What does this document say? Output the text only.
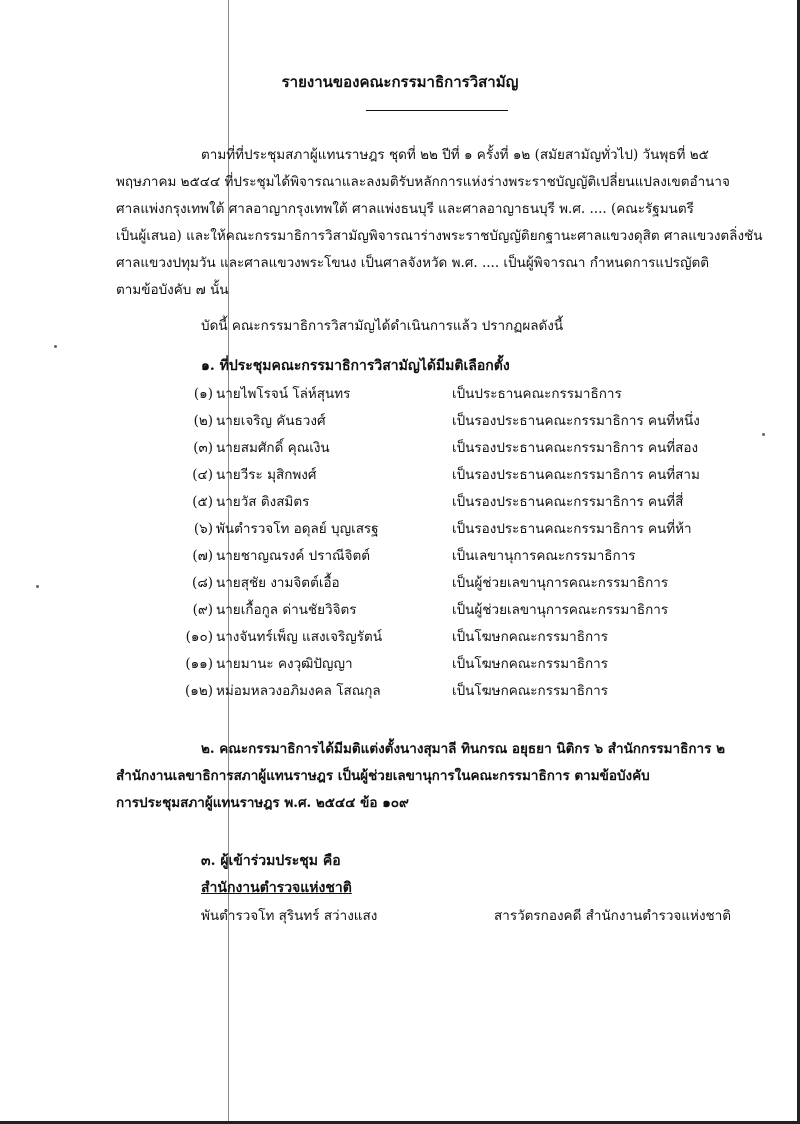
รายงานของคณะกรรมาธิการวิสามัญ
ตามที่ที่ประชุมสภาผู้แทนราษฎร ชุดที่ ๒๒ ปีที่ ๑ ครั้งที่ ๑๒ (สมัยสามัญทั่วไป) วันพุธที่ ๒๕
พฤษภาคม ๒๕๔๔ ที่ประชุมได้พิจารณาและลงมติรับหลักการแห่งร่างพระราชบัญญัติเปลี่ยนแปลงเขตอำนาจ
ศาลแพ่งกรุงเทพใต้ ศาลอาญากรุงเทพใต้ ศาลแพ่งธนบุรี และศาลอาญาธนบุรี พ.ศ. .... (คณะรัฐมนตรี
เป็นผู้เสนอ) และให้คณะกรรมาธิการวิสามัญพิจารณาร่างพระราชบัญญัติยกฐานะศาลแขวงดุสิต ศาลแขวงตลิ่งชัน
ศาลแขวงปทุมวัน และศาลแขวงพระโขนง เป็นศาลจังหวัด พ.ศ. .... เป็นผู้พิจารณา กำหนดการแปรญัตติ
ตามข้อบังคับ ๗ นั้น
บัดนี้ คณะกรรมาธิการวิสามัญได้ดำเนินการแล้ว ปรากฏผลดังนี้
๑. ที่ประชุมคณะกรรมาธิการวิสามัญได้มีมติเลือกตั้ง
(๑) นายไพโรจน์ โล่ห์สุนทร	เป็นประธานคณะกรรมาธิการ
(๒) นายเจริญ คันธวงศ์	เป็นรองประธานคณะกรรมาธิการ คนที่หนึ่ง
(๓) นายสมศักดิ์ คุณเงิน	เป็นรองประธานคณะกรรมาธิการ คนที่สอง
(๔) นายวีระ มุสิกพงศ์	เป็นรองประธานคณะกรรมาธิการ คนที่สาม
(๕) นายวัส ติงสมิตร	เป็นรองประธานคณะกรรมาธิการ คนที่สี่
(๖) พันตำรวจโท อดุลย์ บุญเสรฐ	เป็นรองประธานคณะกรรมาธิการ คนที่ห้า
(๗) นายชาญณรงค์ ปราณีจิตต์	เป็นเลขานุการคณะกรรมาธิการ
(๘) นายสุชัย งามจิตต์เอื้อ	เป็นผู้ช่วยเลขานุการคณะกรรมาธิการ
(๙) นายเกื้อกูล ด่านชัยวิจิตร	เป็นผู้ช่วยเลขานุการคณะกรรมาธิการ
(๑๐) นางจันทร์เพ็ญ แสงเจริญรัตน์	เป็นโฆษกคณะกรรมาธิการ
(๑๑) นายมานะ คงวุฒิปัญญา	เป็นโฆษกคณะกรรมาธิการ
(๑๒) หม่อมหลวงอภิมงคล โสณกุล	เป็นโฆษกคณะกรรมาธิการ
๒. คณะกรรมาธิการได้มีมติแต่งตั้งนางสุมาลี ทินกรณ อยุธยา นิติกร ๖ สำนักกรรมาธิการ ๒
สำนักงานเลขาธิการสภาผู้แทนราษฎร เป็นผู้ช่วยเลขานุการในคณะกรรมาธิการ ตามข้อบังคับ
การประชุมสภาผู้แทนราษฎร พ.ศ. ๒๕๔๔ ข้อ ๑๐๙
๓. ผู้เข้าร่วมประชุม คือ
สำนักงานตำรวจแห่งชาติ
พันตำรวจโท สุรินทร์ สว่างแสง	สารวัตรกองคดี สำนักงานตำรวจแห่งชาติ
